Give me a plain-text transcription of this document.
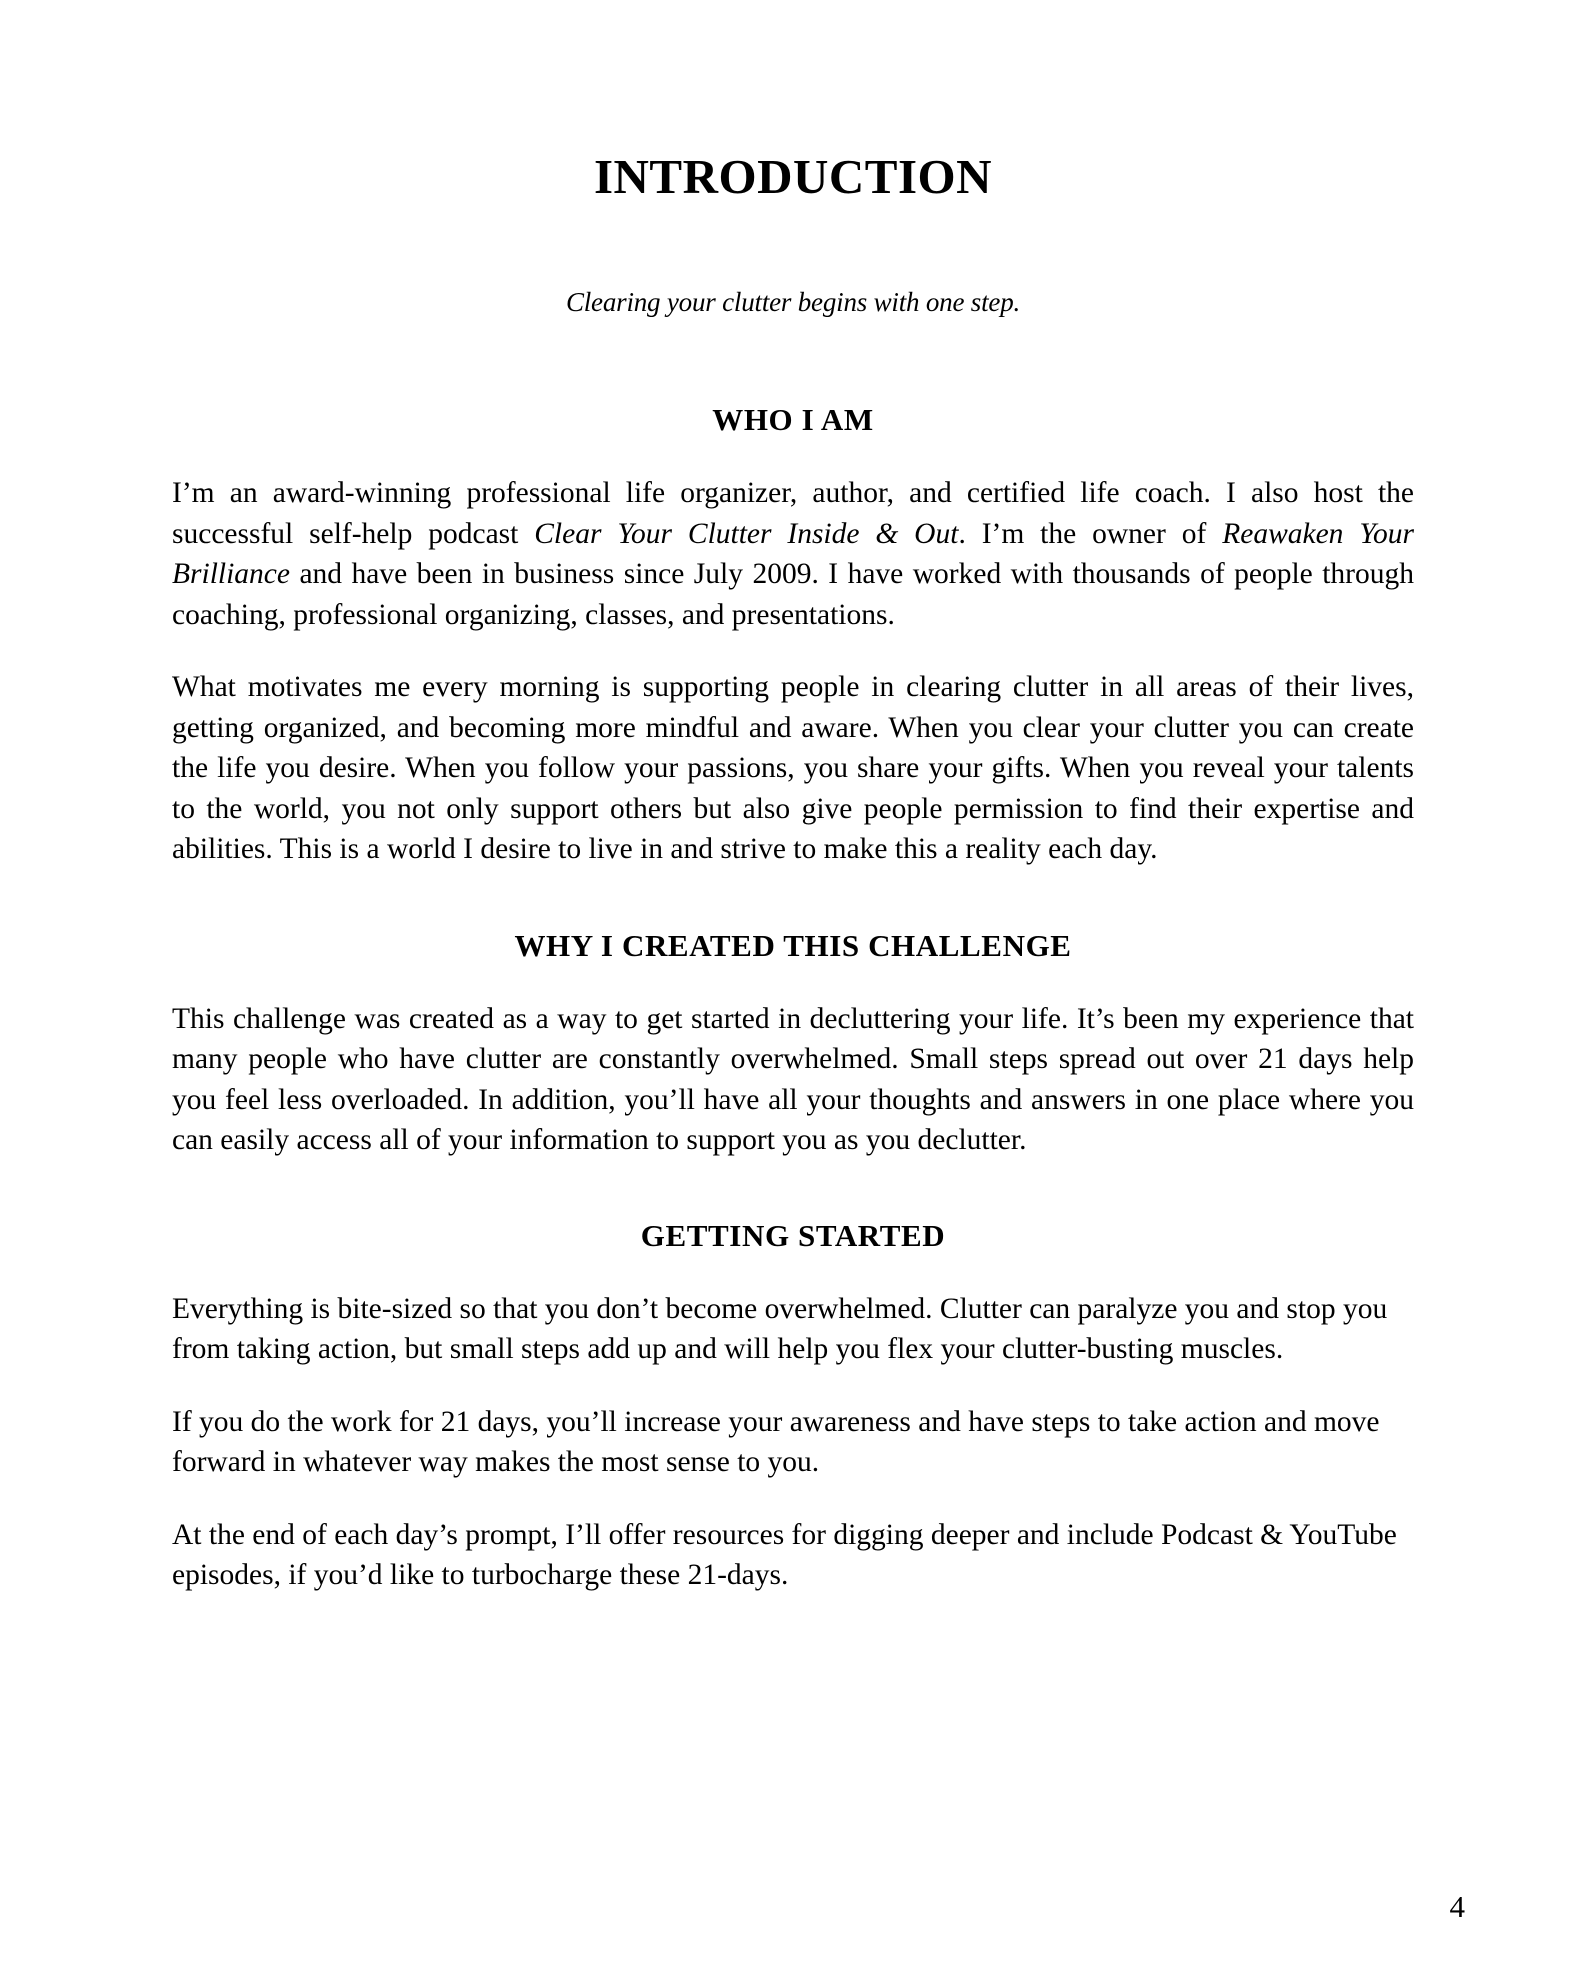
INTRODUCTION

Clearing your clutter begins with one step.

WHO I AM

I’m an award-winning professional life organizer, author, and certified life coach. I also host the successful self-help podcast Clear Your Clutter Inside & Out. I’m the owner of Reawaken Your Brilliance and have been in business since July 2009. I have worked with thousands of people through coaching, professional organizing, classes, and presentations.

What motivates me every morning is supporting people in clearing clutter in all areas of their lives, getting organized, and becoming more mindful and aware. When you clear your clutter you can create the life you desire. When you follow your passions, you share your gifts. When you reveal your talents to the world, you not only support others but also give people permission to find their expertise and abilities. This is a world I desire to live in and strive to make this a reality each day.

WHY I CREATED THIS CHALLENGE

This challenge was created as a way to get started in decluttering your life. It’s been my experience that many people who have clutter are constantly overwhelmed. Small steps spread out over 21 days help you feel less overloaded. In addition, you’ll have all your thoughts and answers in one place where you can easily access all of your information to support you as you declutter.

GETTING STARTED

Everything is bite-sized so that you don’t become overwhelmed. Clutter can paralyze you and stop you from taking action, but small steps add up and will help you flex your clutter-busting muscles.

If you do the work for 21 days, you’ll increase your awareness and have steps to take action and move forward in whatever way makes the most sense to you.

At the end of each day’s prompt, I’ll offer resources for digging deeper and include Podcast & YouTube episodes, if you’d like to turbocharge these 21-days.

4
